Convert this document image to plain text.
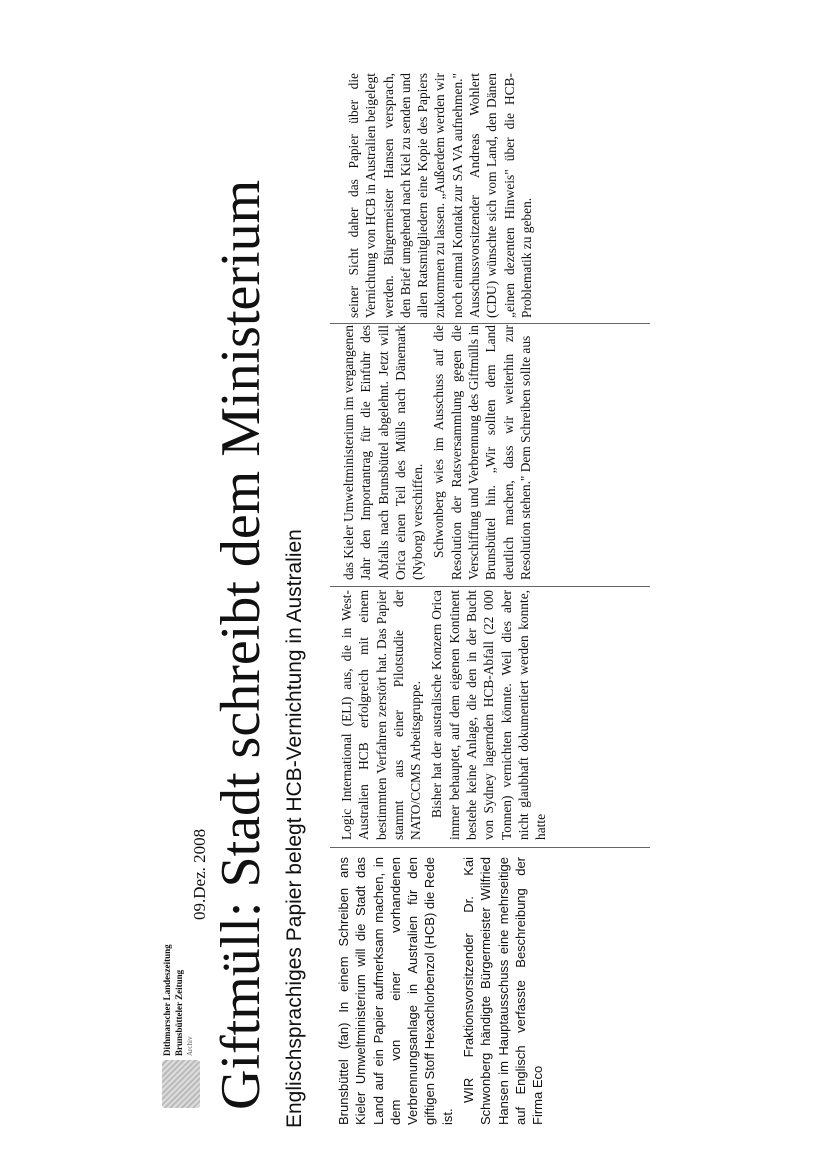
Dithmarscher Landeszeitung Brunsbütteler Zeitung Archiv
09.Dez. 2008 Giftmüll: Stadt schreibt dem Ministerium Englischsprachiges Papier belegt HCB-Vernichtung in Australien Brunsbüttel (fan) In einem Schreiben ans Kieler Umweltministerium will die Stadt das Land auf ein Papier aufmerksam machen, in dem von einer vorhandenen Verbrennungsanlage in Australien für den giftigen Stoff Hexachlorbenzol (HCB) die Rede ist.

WIR Fraktionsvorsitzender Dr. Kai Schwonberg händigte Bürgermeister Wilfried Hansen im Hauptausschuss eine mehrseitige auf Englisch verfasste Beschreibung der Firma Eco

Logic International (ELI) aus, die in West-Australien HCB erfolgreich mit einem bestimmten Verfahren zerstört hat. Das Papier stammt aus einer Pilotstudie der NATO/CCMS Arbeitsgruppe. Bisher hat der australische Konzern Orica immer behauptet, auf dem eigenen Kontinent bestehe keine Anlage, die den in der Bucht von Sydney lagernden HCB-Abfall (22 000 Tonnen) vernichten könnte. Weil dies aber nicht glaubhaft dokumentiert werden konnte, hatte

das Kieler Umweltministerium im vergangenen Jahr den Importantrag für die Einfuhr des Abfalls nach Brunsbüttel abgelehnt. Jetzt will Orica einen Teil des Mülls nach Dänemark (Nyborg) verschiffen. Schwonberg wies im Ausschuss auf die Resolution der Ratsversammlung gegen die Verschiffung und Verbrennung des Giftmülls in Brunsbüttel hin. „Wir sollten dem Land deutlich machen, dass wir weiterhin zur Resolution stehen." Dem Schreiben sollte aus

seiner Sicht daher das Papier über die Vernichtung von HCB in Australien beigelegt werden. Bürgermeister Hansen versprach, den Brief umgehend nach Kiel zu senden und allen Ratsmitgliedern eine Kopie des Papiers zukommen zu lassen. „Außerdem werden wir noch einmal Kontakt zur SA VA aufnehmen." Ausschussvorsitzender Andreas Wohlert (CDU) wünschte sich vom Land, den Dänen „einen dezenten Hinweis" über die HCB-Problematik zu geben.
